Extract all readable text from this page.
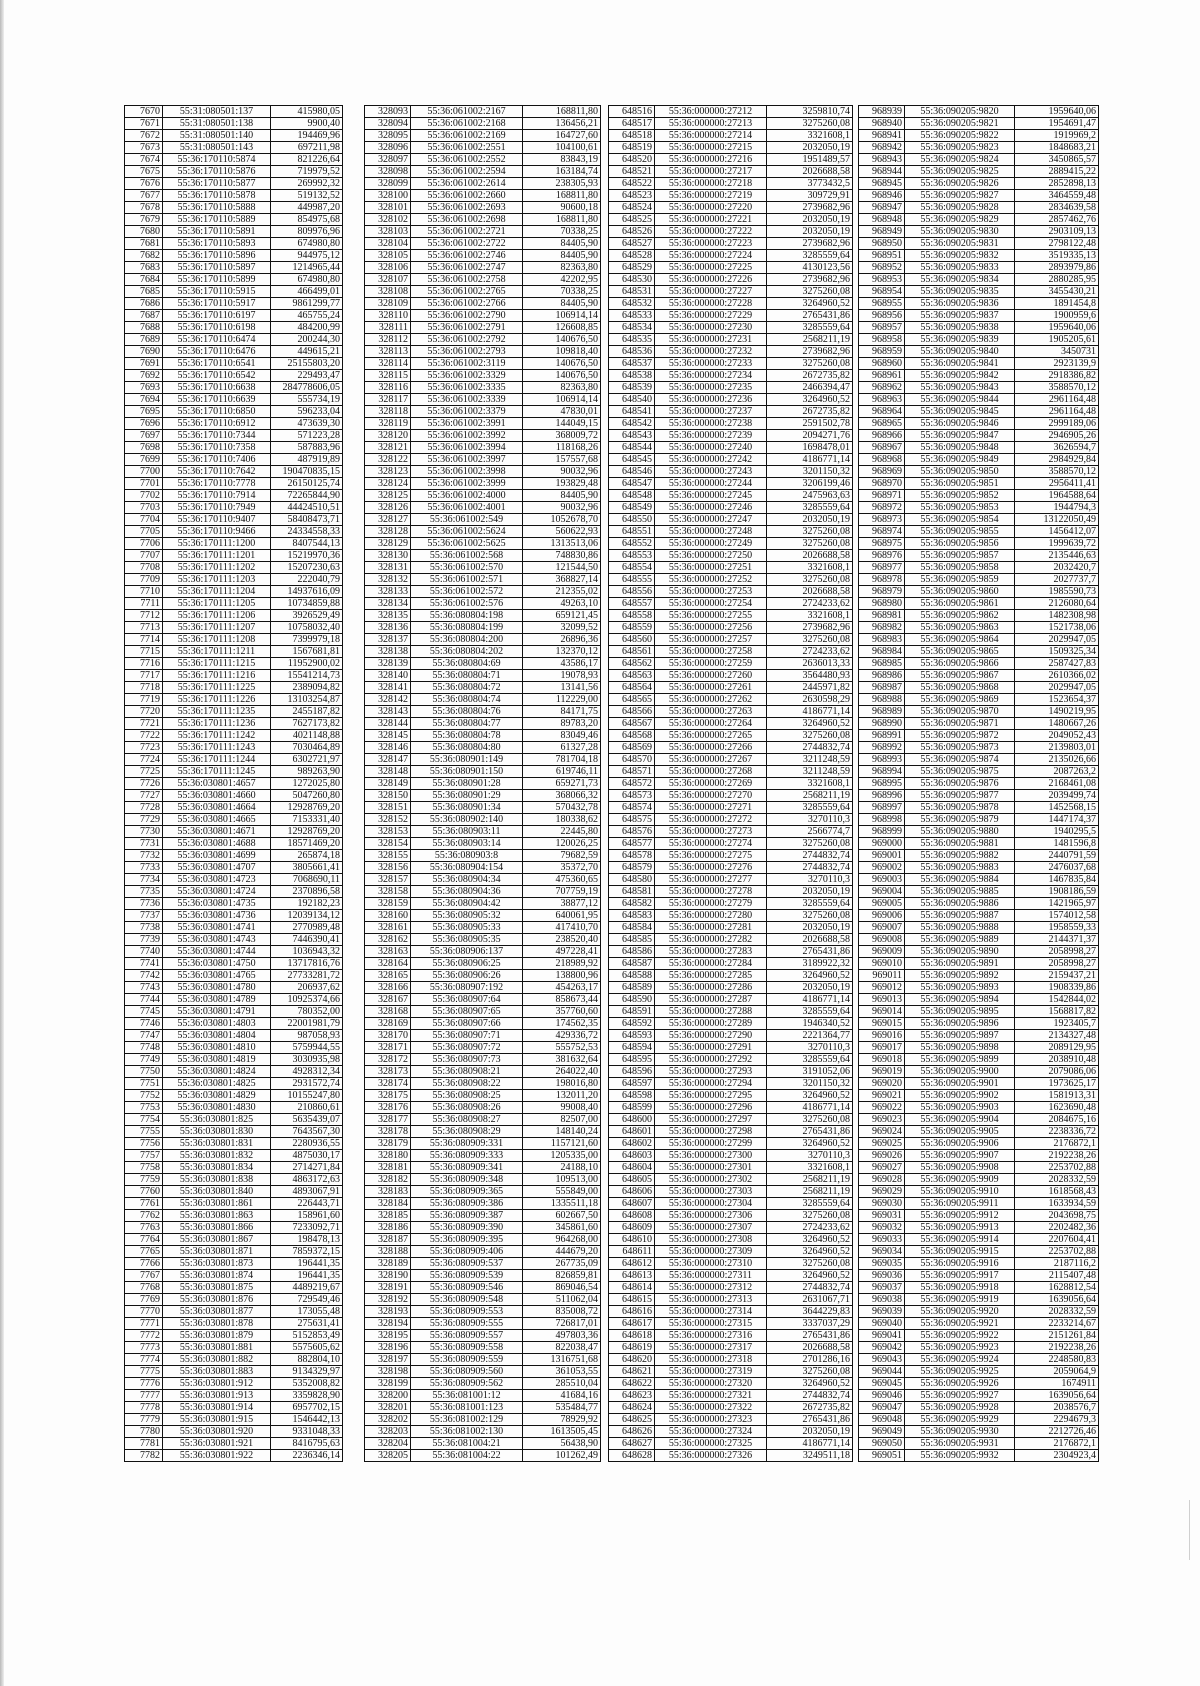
7670	55:31:080501:137	415980,05
7671	55:31:080501:138	9900,40
7672	55:31:080501:140	194469,96
7673	55:31:080501:143	697211,98
7674	55:36:170110:5874	821226,64
7675	55:36:170110:5876	719979,52
7676	55:36:170110:5877	269992,32
7677	55:36:170110:5878	519132,52
7678	55:36:170110:5888	449987,20
7679	55:36:170110:5889	854975,68
7680	55:36:170110:5891	809976,96
7681	55:36:170110:5893	674980,80
7682	55:36:170110:5896	944975,12
7683	55:36:170110:5897	1214965,44
7684	55:36:170110:5899	674980,80
7685	55:36:170110:5915	466499,01
7686	55:36:170110:5917	9861299,77
7687	55:36:170110:6197	465755,24
7688	55:36:170110:6198	484200,99
7689	55:36:170110:6474	200244,30
7690	55:36:170110:6476	449615,21
7691	55:36:170110:6541	25155803,20
7692	55:36:170110:6542	229493,47
7693	55:36:170110:6638	284778606,05
7694	55:36:170110:6639	555734,19
7695	55:36:170110:6850	596233,04
7696	55:36:170110:6912	473639,30
7697	55:36:170110:7344	571223,28
7698	55:36:170110:7358	587883,96
7699	55:36:170110:7406	487919,89
7700	55:36:170110:7642	190470835,15
7701	55:36:170110:7778	26150125,74
7702	55:36:170110:7914	72265844,90
7703	55:36:170110:7949	44424510,51
7704	55:36:170110:9407	58408473,71
7705	55:36:170110:9466	24334558,33
7706	55:36:170111:1200	8407544,13
7707	55:36:170111:1201	15219970,36
7708	55:36:170111:1202	15207230,63
7709	55:36:170111:1203	222040,79
7710	55:36:170111:1204	14937616,09
7711	55:36:170111:1205	10734859,88
7712	55:36:170111:1206	3926529,49
7713	55:36:170111:1207	10758032,40
7714	55:36:170111:1208	7399979,18
7715	55:36:170111:1211	1567681,81
7716	55:36:170111:1215	11952900,02
7717	55:36:170111:1216	15541214,73
7718	55:36:170111:1225	2389094,82
7719	55:36:170111:1226	13103254,87
7720	55:36:170111:1235	2455187,82
7721	55:36:170111:1236	7627173,82
7722	55:36:170111:1242	4021148,88
7723	55:36:170111:1243	7030464,89
7724	55:36:170111:1244	6302721,97
7725	55:36:170111:1245	989263,90
7726	55:36:030801:4657	1272025,80
7727	55:36:030801:4660	5047260,80
7728	55:36:030801:4664	12928769,20
7729	55:36:030801:4665	7153331,40
7730	55:36:030801:4671	12928769,20
7731	55:36:030801:4688	18571469,20
7732	55:36:030801:4699	265874,18
7733	55:36:030801:4707	3805661,41
7734	55:36:030801:4723	7068690,11
7735	55:36:030801:4724	2370896,58
7736	55:36:030801:4735	192182,23
7737	55:36:030801:4736	12039134,12
7738	55:36:030801:4741	2770989,48
7739	55:36:030801:4743	7446390,41
7740	55:36:030801:4744	1036943,32
7741	55:36:030801:4750	13717816,76
7742	55:36:030801:4765	27733281,72
7743	55:36:030801:4780	206937,62
7744	55:36:030801:4789	10925374,66
7745	55:36:030801:4791	780352,00
7746	55:36:030801:4803	22001981,79
7747	55:36:030801:4804	987058,93
7748	55:36:030801:4810	5759944,55
7749	55:36:030801:4819	3030935,98
7750	55:36:030801:4824	4928312,34
7751	55:36:030801:4825	2931572,74
7752	55:36:030801:4829	10155247,80
7753	55:36:030801:4830	210860,61
7754	55:36:030801:825	5635439,07
7755	55:36:030801:830	7643567,30
7756	55:36:030801:831	2280936,55
7757	55:36:030801:832	4875030,17
7758	55:36:030801:834	2714271,84
7759	55:36:030801:838	4863172,63
7760	55:36:030801:840	4893067,91
7761	55:36:030801:861	226443,71
7762	55:36:030801:863	158961,60
7763	55:36:030801:866	7233092,71
7764	55:36:030801:867	198478,13
7765	55:36:030801:871	7859372,15
7766	55:36:030801:873	196441,35
7767	55:36:030801:874	196441,35
7768	55:36:030801:875	4489219,67
7769	55:36:030801:876	729549,46
7770	55:36:030801:877	173055,48
7771	55:36:030801:878	275631,41
7772	55:36:030801:879	5152853,49
7773	55:36:030801:881	5575605,62
7774	55:36:030801:882	882804,10
7775	55:36:030801:883	9134329,97
7776	55:36:030801:912	5352008,82
7777	55:36:030801:913	3359828,90
7778	55:36:030801:914	6957702,15
7779	55:36:030801:915	1546442,13
7780	55:36:030801:920	9331048,33
7781	55:36:030801:921	8416795,63
7782	55:36:030801:922	2236346,14
328093	55:36:061002:2167	168811,80
328094	55:36:061002:2168	136456,21
328095	55:36:061002:2169	164727,60
328096	55:36:061002:2551	104100,61
328097	55:36:061002:2552	83843,19
328098	55:36:061002:2594	163184,74
328099	55:36:061002:2614	238305,93
328100	55:36:061002:2660	168811,80
328101	55:36:061002:2693	90600,18
328102	55:36:061002:2698	168811,80
328103	55:36:061002:2721	70338,25
328104	55:36:061002:2722	84405,90
328105	55:36:061002:2746	84405,90
328106	55:36:061002:2747	82363,80
328107	55:36:061002:2758	42202,95
328108	55:36:061002:2765	70338,25
328109	55:36:061002:2766	84405,90
328110	55:36:061002:2790	106914,14
328111	55:36:061002:2791	126608,85
328112	55:36:061002:2792	140676,50
328113	55:36:061002:2793	109818,40
328114	55:36:061002:3119	140676,50
328115	55:36:061002:3329	140676,50
328116	55:36:061002:3335	82363,80
328117	55:36:061002:3339	106914,14
328118	55:36:061002:3379	47830,01
328119	55:36:061002:3991	144049,15
328120	55:36:061002:3992	368009,72
328121	55:36:061002:3994	118168,26
328122	55:36:061002:3997	157557,68
328123	55:36:061002:3998	90032,96
328124	55:36:061002:3999	193829,48
328125	55:36:061002:4000	84405,90
328126	55:36:061002:4001	90032,96
328127	55:36:061002:549	1052678,70
328128	55:36:061002:5624	560622,93
328129	55:36:061002:5625	1313513,06
328130	55:36:061002:568	748830,86
328131	55:36:061002:570	121544,50
328132	55:36:061002:571	368827,14
328133	55:36:061002:572	212355,02
328134	55:36:061002:576	49263,10
328135	55:36:080804:198	659121,45
328136	55:36:080804:199	32099,52
328137	55:36:080804:200	26896,36
328138	55:36:080804:202	132370,12
328139	55:36:080804:69	43586,17
328140	55:36:080804:71	19078,93
328141	55:36:080804:72	13141,56
328142	55:36:080804:74	112229,00
328143	55:36:080804:76	84171,75
328144	55:36:080804:77	89783,20
328145	55:36:080804:78	83049,46
328146	55:36:080804:80	61327,28
328147	55:36:080901:149	781704,18
328148	55:36:080901:150	619746,11
328149	55:36:080901:28	659271,73
328150	55:36:080901:29	368066,32
328151	55:36:080901:34	570432,78
328152	55:36:080902:140	180338,62
328153	55:36:080903:11	22445,80
328154	55:36:080903:14	120026,25
328155	55:36:080903:8	79682,59
328156	55:36:080904:154	35372,70
328157	55:36:080904:34	475360,65
328158	55:36:080904:36	707759,19
328159	55:36:080904:42	38877,12
328160	55:36:080905:32	640061,95
328161	55:36:080905:33	417410,70
328162	55:36:080905:35	238520,40
328163	55:36:080906:137	497228,41
328164	55:36:080906:25	218989,92
328165	55:36:080906:26	138800,96
328166	55:36:080907:192	454263,17
328167	55:36:080907:64	858673,44
328168	55:36:080907:65	357760,60
328169	55:36:080907:66	174562,35
328170	55:36:080907:71	429336,72
328171	55:36:080907:72	555752,53
328172	55:36:080907:73	381632,64
328173	55:36:080908:21	264022,40
328174	55:36:080908:22	198016,80
328175	55:36:080908:25	132011,20
328176	55:36:080908:26	99008,40
328177	55:36:080908:27	82507,00
328178	55:36:080908:29	148140,24
328179	55:36:080909:331	1157121,60
328180	55:36:080909:333	1205335,00
328181	55:36:080909:341	24188,10
328182	55:36:080909:348	109513,00
328183	55:36:080909:365	555849,00
328184	55:36:080909:386	1335511,18
328185	55:36:080909:387	602667,50
328186	55:36:080909:390	345861,60
328187	55:36:080909:395	964268,00
328188	55:36:080909:406	444679,20
328189	55:36:080909:537	267735,09
328190	55:36:080909:539	826859,81
328191	55:36:080909:546	869046,54
328192	55:36:080909:548	511062,04
328193	55:36:080909:553	835008,72
328194	55:36:080909:555	726817,01
328195	55:36:080909:557	497803,36
328196	55:36:080909:558	822038,47
328197	55:36:080909:559	1316751,68
328198	55:36:080909:560	361053,55
328199	55:36:080909:562	285510,04
328200	55:36:081001:12	41684,16
328201	55:36:081001:123	535484,77
328202	55:36:081002:129	78929,92
328203	55:36:081002:130	1613505,45
328204	55:36:081004:21	56438,90
328205	55:36:081004:22	101262,49
648516	55:36:000000:27212	3259810,74
648517	55:36:000000:27213	3275260,08
648518	55:36:000000:27214	3321608,1
648519	55:36:000000:27215	2032050,19
648520	55:36:000000:27216	1951489,57
648521	55:36:000000:27217	2026688,58
648522	55:36:000000:27218	3773432,5
648523	55:36:000000:27219	309729,91
648524	55:36:000000:27220	2739682,96
648525	55:36:000000:27221	2032050,19
648526	55:36:000000:27222	2032050,19
648527	55:36:000000:27223	2739682,96
648528	55:36:000000:27224	3285559,64
648529	55:36:000000:27225	4130123,56
648530	55:36:000000:27226	2739682,96
648531	55:36:000000:27227	3275260,08
648532	55:36:000000:27228	3264960,52
648533	55:36:000000:27229	2765431,86
648534	55:36:000000:27230	3285559,64
648535	55:36:000000:27231	2568211,19
648536	55:36:000000:27232	2739682,96
648537	55:36:000000:27233	3275260,08
648538	55:36:000000:27234	2672735,82
648539	55:36:000000:27235	2466394,47
648540	55:36:000000:27236	3264960,52
648541	55:36:000000:27237	2672735,82
648542	55:36:000000:27238	2591502,78
648543	55:36:000000:27239	2094271,76
648544	55:36:000000:27240	1698478,01
648545	55:36:000000:27242	4186771,14
648546	55:36:000000:27243	3201150,32
648547	55:36:000000:27244	3206199,46
648548	55:36:000000:27245	2475963,63
648549	55:36:000000:27246	3285559,64
648550	55:36:000000:27247	2032050,19
648551	55:36:000000:27248	3275260,08
648552	55:36:000000:27249	3275260,08
648553	55:36:000000:27250	2026688,58
648554	55:36:000000:27251	3321608,1
648555	55:36:000000:27252	3275260,08
648556	55:36:000000:27253	2026688,58
648557	55:36:000000:27254	2724233,62
648558	55:36:000000:27255	3321608,1
648559	55:36:000000:27256	2739682,96
648560	55:36:000000:27257	3275260,08
648561	55:36:000000:27258	2724233,62
648562	55:36:000000:27259	2636013,33
648563	55:36:000000:27260	3564480,93
648564	55:36:000000:27261	2445971,82
648565	55:36:000000:27262	2630598,29
648566	55:36:000000:27263	4186771,14
648567	55:36:000000:27264	3264960,52
648568	55:36:000000:27265	3275260,08
648569	55:36:000000:27266	2744832,74
648570	55:36:000000:27267	3211248,59
648571	55:36:000000:27268	3211248,59
648572	55:36:000000:27269	3321608,1
648573	55:36:000000:27270	2568211,19
648574	55:36:000000:27271	3285559,64
648575	55:36:000000:27272	3270110,3
648576	55:36:000000:27273	2566774,7
648577	55:36:000000:27274	3275260,08
648578	55:36:000000:27275	2744832,74
648579	55:36:000000:27276	2744832,74
648580	55:36:000000:27277	3270110,3
648581	55:36:000000:27278	2032050,19
648582	55:36:000000:27279	3285559,64
648583	55:36:000000:27280	3275260,08
648584	55:36:000000:27281	2032050,19
648585	55:36:000000:27282	2026688,58
648586	55:36:000000:27283	2765431,86
648587	55:36:000000:27284	3189922,32
648588	55:36:000000:27285	3264960,52
648589	55:36:000000:27286	2032050,19
648590	55:36:000000:27287	4186771,14
648591	55:36:000000:27288	3285559,64
648592	55:36:000000:27289	1946340,52
648593	55:36:000000:27290	2221364,77
648594	55:36:000000:27291	3270110,3
648595	55:36:000000:27292	3285559,64
648596	55:36:000000:27293	3191052,06
648597	55:36:000000:27294	3201150,32
648598	55:36:000000:27295	3264960,52
648599	55:36:000000:27296	4186771,14
648600	55:36:000000:27297	3275260,08
648601	55:36:000000:27298	2765431,86
648602	55:36:000000:27299	3264960,52
648603	55:36:000000:27300	3270110,3
648604	55:36:000000:27301	3321608,1
648605	55:36:000000:27302	2568211,19
648606	55:36:000000:27303	2568211,19
648607	55:36:000000:27304	3285559,64
648608	55:36:000000:27306	3275260,08
648609	55:36:000000:27307	2724233,62
648610	55:36:000000:27308	3264960,52
648611	55:36:000000:27309	3264960,52
648612	55:36:000000:27310	3275260,08
648613	55:36:000000:27311	3264960,52
648614	55:36:000000:27312	2744832,74
648615	55:36:000000:27313	2631067,71
648616	55:36:000000:27314	3644229,83
648617	55:36:000000:27315	3337037,29
648618	55:36:000000:27316	2765431,86
648619	55:36:000000:27317	2026688,58
648620	55:36:000000:27318	2701286,16
648621	55:36:000000:27319	3275260,08
648622	55:36:000000:27320	3264960,52
648623	55:36:000000:27321	2744832,74
648624	55:36:000000:27322	2672735,82
648625	55:36:000000:27323	2765431,86
648626	55:36:000000:27324	2032050,19
648627	55:36:000000:27325	4186771,14
648628	55:36:000000:27326	3249511,18
968939	55:36:090205:9820	1959640,06
968940	55:36:090205:9821	1954691,47
968941	55:36:090205:9822	1919969,2
968942	55:36:090205:9823	1848683,21
968943	55:36:090205:9824	3450865,57
968944	55:36:090205:9825	2889415,22
968945	55:36:090205:9826	2852898,13
968946	55:36:090205:9827	3464559,48
968947	55:36:090205:9828	2834639,58
968948	55:36:090205:9829	2857462,76
968949	55:36:090205:9830	2903109,13
968950	55:36:090205:9831	2798122,48
968951	55:36:090205:9832	3519335,13
968952	55:36:090205:9833	2893979,86
968953	55:36:090205:9834	2880285,95
968954	55:36:090205:9835	3455430,21
968955	55:36:090205:9836	1891454,8
968956	55:36:090205:9837	1900959,6
968957	55:36:090205:9838	1959640,06
968958	55:36:090205:9839	1905205,61
968959	55:36:090205:9840	3450731
968960	55:36:090205:9841	2923139,9
968961	55:36:090205:9842	2918386,82
968962	55:36:090205:9843	3588570,12
968963	55:36:090205:9844	2961164,48
968964	55:36:090205:9845	2961164,48
968965	55:36:090205:9846	2999189,06
968966	55:36:090205:9847	2946905,26
968967	55:36:090205:9848	3626594,7
968968	55:36:090205:9849	2984929,84
968969	55:36:090205:9850	3588570,12
968970	55:36:090205:9851	2956411,41
968971	55:36:090205:9852	1964588,64
968972	55:36:090205:9853	1944794,3
968973	55:36:090205:9854	13122050,49
968974	55:36:090205:9855	1456412,07
968975	55:36:090205:9856	1999639,72
968976	55:36:090205:9857	2135446,63
968977	55:36:090205:9858	2032420,7
968978	55:36:090205:9859	2027737,7
968979	55:36:090205:9860	1985590,73
968980	55:36:090205:9861	2126080,64
968981	55:36:090205:9862	1482308,98
968982	55:36:090205:9863	1521738,06
968983	55:36:090205:9864	2029947,05
968984	55:36:090205:9865	1509325,34
968985	55:36:090205:9866	2587427,83
968986	55:36:090205:9867	2610366,02
968987	55:36:090205:9868	2029947,05
968988	55:36:090205:9869	1523654,37
968989	55:36:090205:9870	1490219,95
968990	55:36:090205:9871	1480667,26
968991	55:36:090205:9872	2049052,43
968992	55:36:090205:9873	2139803,01
968993	55:36:090205:9874	2135026,66
968994	55:36:090205:9875	2087263,2
968995	55:36:090205:9876	2168461,08
968996	55:36:090205:9877	2039499,74
968997	55:36:090205:9878	1452568,15
968998	55:36:090205:9879	1447174,37
968999	55:36:090205:9880	1940295,5
969000	55:36:090205:9881	1481596,8
969001	55:36:090205:9882	2440791,59
969002	55:36:090205:9883	2476037,68
969003	55:36:090205:9884	1467835,84
969004	55:36:090205:9885	1908186,59
969005	55:36:090205:9886	1421965,97
969006	55:36:090205:9887	1574012,58
969007	55:36:090205:9888	1958559,33
969008	55:36:090205:9889	2144371,37
969009	55:36:090205:9890	2058998,27
969010	55:36:090205:9891	2058998,27
969011	55:36:090205:9892	2159437,21
969012	55:36:090205:9893	1908339,86
969013	55:36:090205:9894	1542844,02
969014	55:36:090205:9895	1568817,82
969015	55:36:090205:9896	1923405,7
969016	55:36:090205:9897	2134327,48
969017	55:36:090205:9898	2089129,95
969018	55:36:090205:9899	2038910,48
969019	55:36:090205:9900	2079086,06
969020	55:36:090205:9901	1973625,17
969021	55:36:090205:9902	1581913,31
969022	55:36:090205:9903	1623690,48
969023	55:36:090205:9904	2084675,16
969024	55:36:090205:9905	2238336,72
969025	55:36:090205:9906	2176872,1
969026	55:36:090205:9907	2192238,26
969027	55:36:090205:9908	2253702,88
969028	55:36:090205:9909	2028332,59
969029	55:36:090205:9910	1618568,43
969030	55:36:090205:9911	1633934,59
969031	55:36:090205:9912	2043698,75
969032	55:36:090205:9913	2202482,36
969033	55:36:090205:9914	2207604,41
969034	55:36:090205:9915	2253702,88
969035	55:36:090205:9916	2187116,2
969036	55:36:090205:9917	2115407,48
969037	55:36:090205:9918	1628812,54
969038	55:36:090205:9919	1639056,64
969039	55:36:090205:9920	2028332,59
969040	55:36:090205:9921	2233214,67
969041	55:36:090205:9922	2151261,84
969042	55:36:090205:9923	2192238,26
969043	55:36:090205:9924	2248580,83
969044	55:36:090205:9925	2059064,9
969045	55:36:090205:9926	1674911
969046	55:36:090205:9927	1639056,64
969047	55:36:090205:9928	2038576,7
969048	55:36:090205:9929	2294679,3
969049	55:36:090205:9930	2212726,46
969050	55:36:090205:9931	2176872,1
969051	55:36:090205:9932	2304923,4
